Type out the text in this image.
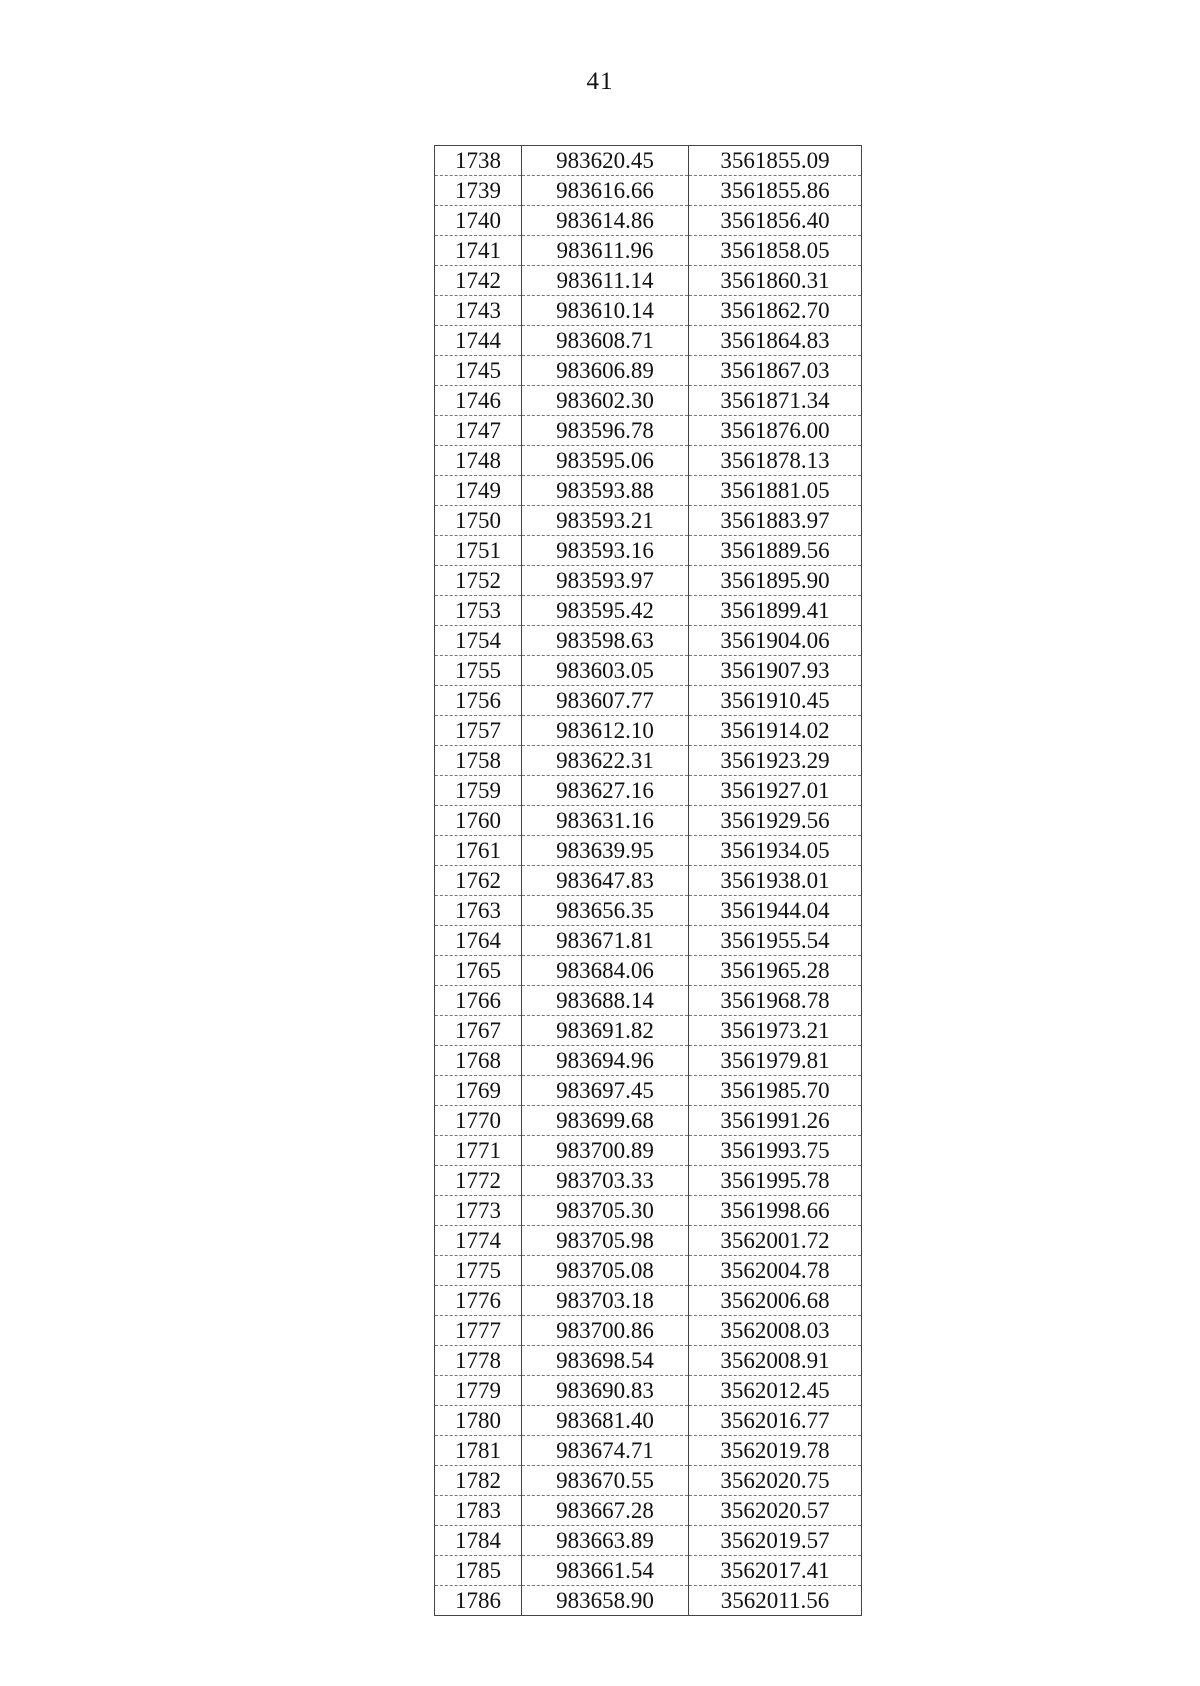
41
1738	983620.45	3561855.09
1739	983616.66	3561855.86
1740	983614.86	3561856.40
1741	983611.96	3561858.05
1742	983611.14	3561860.31
1743	983610.14	3561862.70
1744	983608.71	3561864.83
1745	983606.89	3561867.03
1746	983602.30	3561871.34
1747	983596.78	3561876.00
1748	983595.06	3561878.13
1749	983593.88	3561881.05
1750	983593.21	3561883.97
1751	983593.16	3561889.56
1752	983593.97	3561895.90
1753	983595.42	3561899.41
1754	983598.63	3561904.06
1755	983603.05	3561907.93
1756	983607.77	3561910.45
1757	983612.10	3561914.02
1758	983622.31	3561923.29
1759	983627.16	3561927.01
1760	983631.16	3561929.56
1761	983639.95	3561934.05
1762	983647.83	3561938.01
1763	983656.35	3561944.04
1764	983671.81	3561955.54
1765	983684.06	3561965.28
1766	983688.14	3561968.78
1767	983691.82	3561973.21
1768	983694.96	3561979.81
1769	983697.45	3561985.70
1770	983699.68	3561991.26
1771	983700.89	3561993.75
1772	983703.33	3561995.78
1773	983705.30	3561998.66
1774	983705.98	3562001.72
1775	983705.08	3562004.78
1776	983703.18	3562006.68
1777	983700.86	3562008.03
1778	983698.54	3562008.91
1779	983690.83	3562012.45
1780	983681.40	3562016.77
1781	983674.71	3562019.78
1782	983670.55	3562020.75
1783	983667.28	3562020.57
1784	983663.89	3562019.57
1785	983661.54	3562017.41
1786	983658.90	3562011.56
